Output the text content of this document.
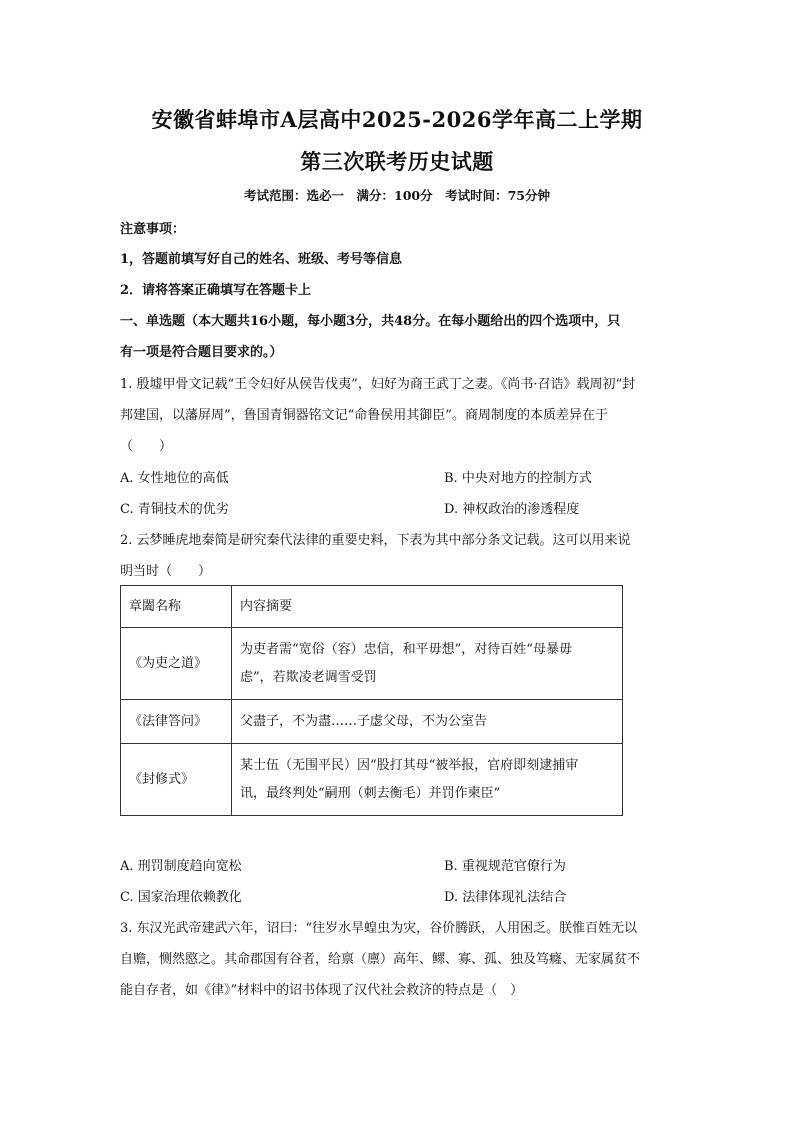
安徽省蚌埠市A层高中2025-2026学年高二上学期
第三次联考历史试题
考试范围：选必一　满分：100分　考试时间：75分钟
注意事项：
1，答题前填写好自己的姓名、班级、考号等信息
2．请将答案正确填写在答题卡上
一、单选题（本大题共16小题，每小题3分，共48分。在每小题给出的四个选项中，只
有一项是符合题目要求的。）
1. 殷墟甲骨文记载“王令妇好从侯告伐夷”，妇好为商王武丁之妻。《尚书·召诰》载周初“封
邦建国，以藩屏周”，鲁国青铜器铭文记“命鲁侯用其御臣”。商周制度的本质差异在于
（　　）
A. 女性地位的高低	B. 中央对地方的控制方式
C. 青铜技术的优劣	D. 神权政治的渗透程度
2. 云梦睡虎地秦简是研究秦代法律的重要史料，下表为其中部分条文记载。这可以用来说
明当时（　　）
章闔名称	内容摘要
《为吏之道》	为吏者需“宽俗（容）忠信，和平毋想”，对待百姓“母暴毋
虑”，若欺凌老调雪受罚

《法律答问》	父盡子，不为盡……子虙父母，不为公室告
《封修式》	某士伍（无围平民）因“股打其母“被举报，官府即刻逮捕审
讯，最终判处“嗣刑（刺去衡毛）并罚作柬臣”
A. 刑罚制度趋向宽松	B. 重视规范官僚行为
C. 国家治理依赖教化	D. 法律体现礼法结合
3. 东汉光武帝建武六年，诏曰：“往岁水旱蝗虫为灾，谷价腾跃，人用困乏。朕惟百姓无以
自赡，恻然愍之。其命郡国有谷者，给禀（廪）高年、鳏、寡、孤、独及笃癃、无家属贫不
能自存者，如《律》”材料中的诏书体现了汉代社会救济的特点是（　）
